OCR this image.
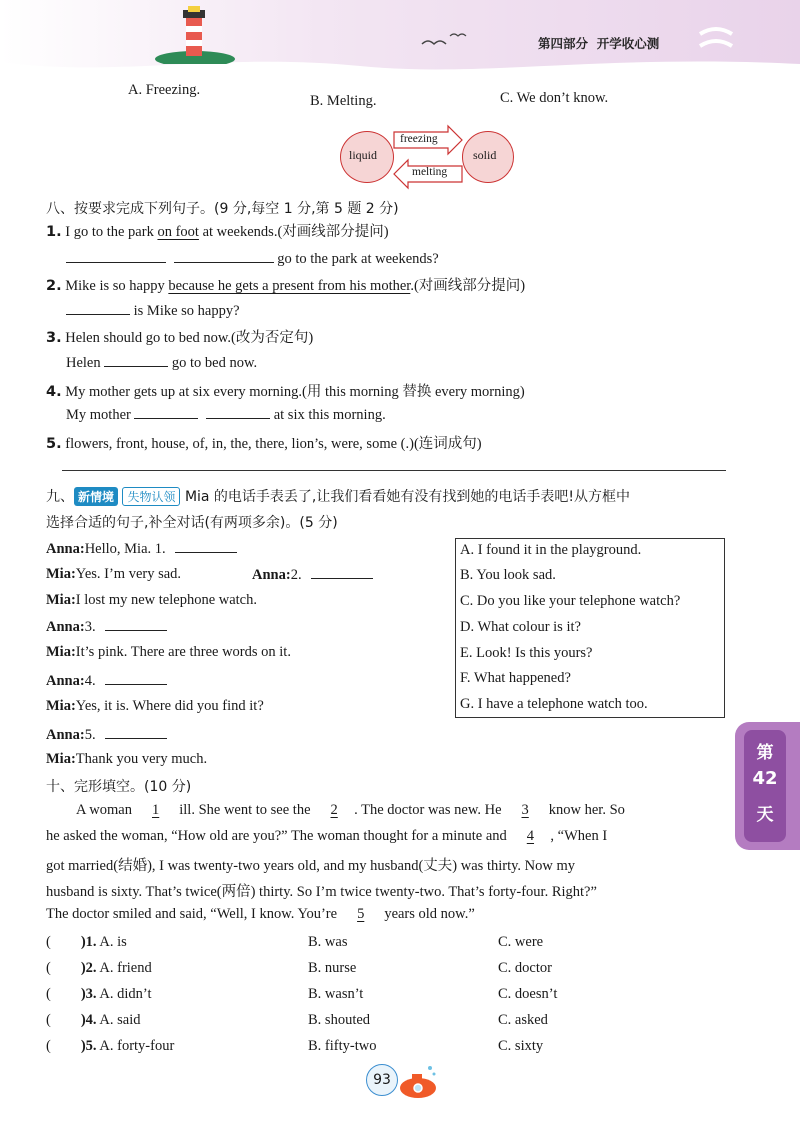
第四部分 开学收心测
A. Freezing.
B. Melting.	C. We don’t know.
liquid	solid
freezing
melting
八、按要求完成下列句子。(9 分,每空 1 分,第 5 题 2 分)
1. I go to the park on foot at weekends.(对画线部分提问)
go to the park at weekends?
2. Mike is so happy because he gets a present from his mother.(对画线部分提问)
is Mike so happy?
3. Helen should go to bed now.(改为否定句)
Helen	go to bed now.
4. My mother gets up at six every morning.(用 this morning 替换 every morning)
My mother	at six this morning.
5. flowers, front, house, of, in, the, there, lion’s, were, some (.)(连词成句)
九、 新情境 失物认领 Mia 的电话手表丢了,让我们看看她有没有找到她的电话手表吧!从方框中
选择合适的句子,补全对话(有两项多余)。(5 分)
Anna:Hello, Mia. 1.
Mia:Yes. I’m very sad.	Anna:2.
Mia:I lost my new telephone watch.
Anna:3.
Mia:It’s pink. There are three words on it.
Anna:4.
Mia:Yes, it is. Where did you find it?
Anna:5.
Mia:Thank you very much.
A. I found it in the playground.
B. You look sad.
C. Do you like your telephone watch?
D. What colour is it?
E. Look! Is this yours?
F. What happened?
G. I have a telephone watch too.
十、完形填空。(10 分)
A woman 1 ill. She went to see the 2 . The doctor was new. He 3 know her. So
he asked the woman, “How old are you?” The woman thought for a minute and 4 , “When I
got married(结婚), I was twenty-two years old, and my husband(丈夫) was thirty. Now my
husband is sixty. That’s twice(两倍) thirty. So I’m twice twenty-two. That’s forty-four. Right?”
The doctor smiled and said, “Well, I know. You’re 5 years old now.”
( )1. A. is	B. was	C. were
( )2. A. friend	B. nurse	C. doctor
( )3. A. didn’t	B. wasn’t	C. doesn’t
( )4. A. said	B. shouted	C. asked
( )5. A. forty-four	B. fifty-two	C. sixty
第
42
天
93
